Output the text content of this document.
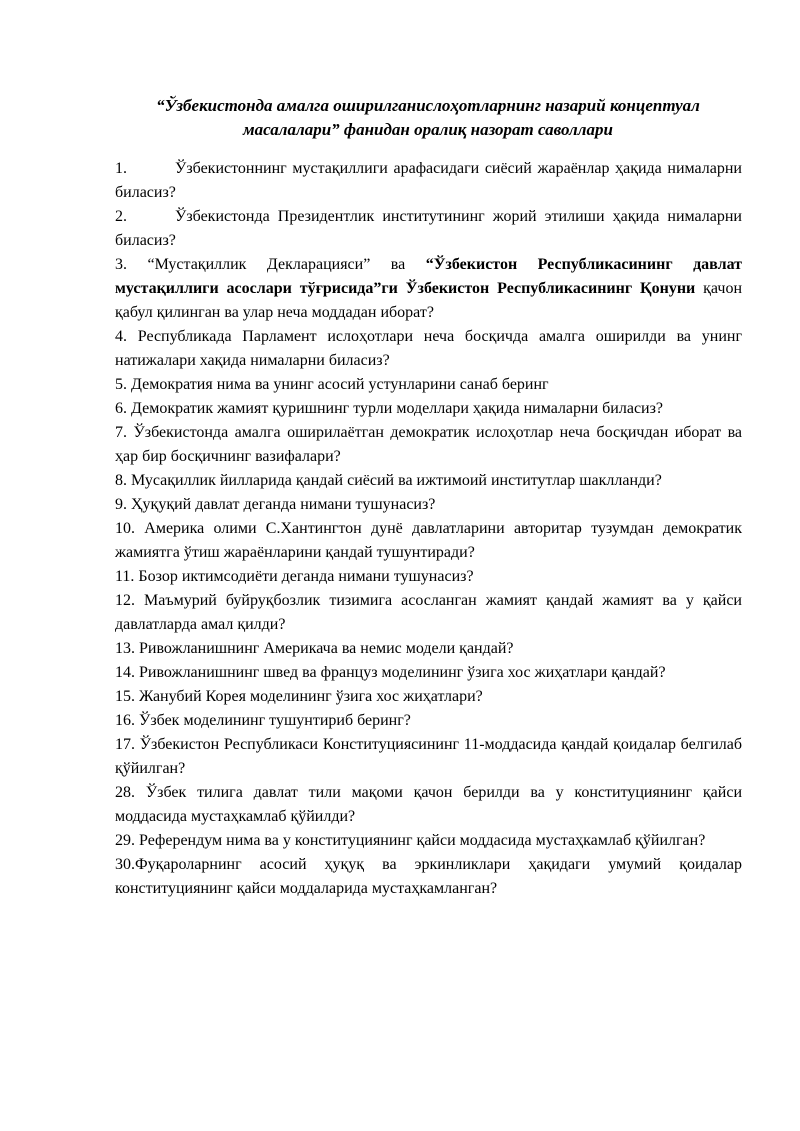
“Ўзбекистонда амалга оширилганислоҳотларнинг назарий концептуал
масалалари” фанидан оралиқ назорат саволлари

1.	Ўзбекистоннинг мустақиллиги арафасидаги сиёсий жараёнлар ҳақида нималарни биласиз?

2.	Ўзбекистонда Президентлик институтининг жорий этилиши ҳақида нималарни биласиз?

3. “Мустақиллик Декларацияси” ва “Ўзбекистон Республикасининг давлат мустақиллиги асослари тўғрисида”ги Ўзбекистон Республикасининг Қонуни қачон қабул қилинган ва улар неча моддадан иборат?

4. Республикада Парламент ислоҳотлари неча босқичда амалга оширилди ва унинг натижалари хақида нималарни биласиз?

5. Демократия нима ва унинг асосий устунларини санаб беринг

6. Демократик жамият қуришнинг турли моделлари ҳақида нималарни биласиз?

7. Ўзбекистонда амалга оширилаётган демократик ислоҳотлар неча босқичдан иборат ва ҳар бир босқичнинг вазифалари?

8. Мусақиллик йилларида қандай сиёсий ва ижтимоий институтлар шаклланди?

9. Ҳуқуқий давлат деганда нимани тушунасиз?

10. Америка олими С.Хантингтон дунё давлатларини авторитар тузумдан демократик жамиятга ўтиш жараёнларини қандай тушунтиради?

11. Бозор иктимсодиёти деганда нимани тушунасиз?

12. Маъмурий буйруқбозлик тизимига асосланган жамият қандай жамият ва у қайси давлатларда амал қилди?

13. Ривожланишнинг Америкача ва немис модели қандай?

14. Ривожланишнинг швед ва француз моделининг ўзига хос жиҳатлари қандай?

15. Жанубий Корея моделининг ўзига хос жиҳатлари?

16. Ўзбек моделининг тушунтириб беринг?

17. Ўзбекистон Республикаси Конституциясининг 11-моддасида қандай қоидалар белгилаб қўйилган?

28. Ўзбек тилига давлат тили мақоми қачон берилди ва у конституциянинг қайси моддасида мустаҳкамлаб қўйилди?

29. Референдум нима ва у конституциянинг қайси моддасида мустаҳкамлаб қўйилган?

30.Фуқароларнинг асосий ҳуқуқ ва эркинликлари ҳақидаги умумий қоидалар конституциянинг қайси моддаларида мустаҳкамланган?
